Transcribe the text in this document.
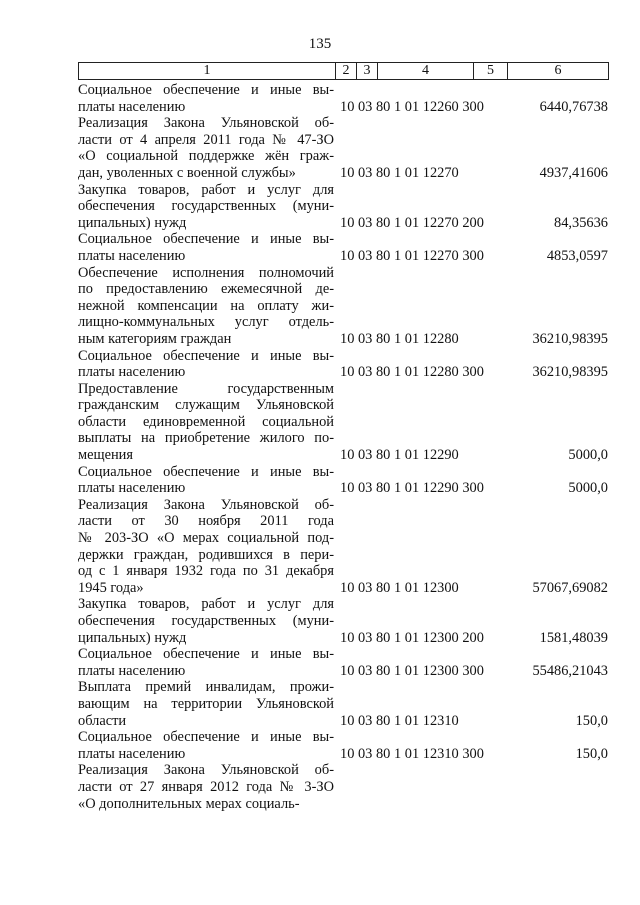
135
1	2	3	4	5	6
Социальное обеспечение и иные вы-
платы населению	10 03 80 1 01 12260 300	6440,76738
Реализация Закона Ульяновской об-
ласти от 4 апреля 2011 года № 47-ЗО
«О социальной поддержке жён граж-
дан, уволенных с военной службы»	10 03 80 1 01 12270	4937,41606
Закупка товаров, работ и услуг для
обеспечения государственных (муни-
ципальных) нужд	10 03 80 1 01 12270 200	84,35636
Социальное обеспечение и иные вы-
платы населению	10 03 80 1 01 12270 300	4853,0597
Обеспечение исполнения полномочий
по предоставлению ежемесячной де-
нежной компенсации на оплату жи-
лищно-коммунальных услуг отдель-
ным категориям граждан	10 03 80 1 01 12280	36210,98395
Социальное обеспечение и иные вы-
платы населению	10 03 80 1 01 12280 300	36210,98395
Предоставление государственным
гражданским служащим Ульяновской
области единовременной социальной
выплаты на приобретение жилого по-
мещения	10 03 80 1 01 12290	5000,0
Социальное обеспечение и иные вы-
платы населению	10 03 80 1 01 12290 300	5000,0
Реализация Закона Ульяновской об-
ласти от 30 ноября 2011 года
№ 203-ЗО «О мерах социальной под-
держки граждан, родившихся в пери-
од с 1 января 1932 года по 31 декабря
1945 года»	10 03 80 1 01 12300	57067,69082
Закупка товаров, работ и услуг для
обеспечения государственных (муни-
ципальных) нужд	10 03 80 1 01 12300 200	1581,48039
Социальное обеспечение и иные вы-
платы населению	10 03 80 1 01 12300 300	55486,21043
Выплата премий инвалидам, прожи-
вающим на территории Ульяновской
области	10 03 80 1 01 12310	150,0
Социальное обеспечение и иные вы-
платы населению	10 03 80 1 01 12310 300	150,0
Реализация Закона Ульяновской об-
ласти от 27 января 2012 года № 3-ЗО
«О дополнительных мерах социаль-
